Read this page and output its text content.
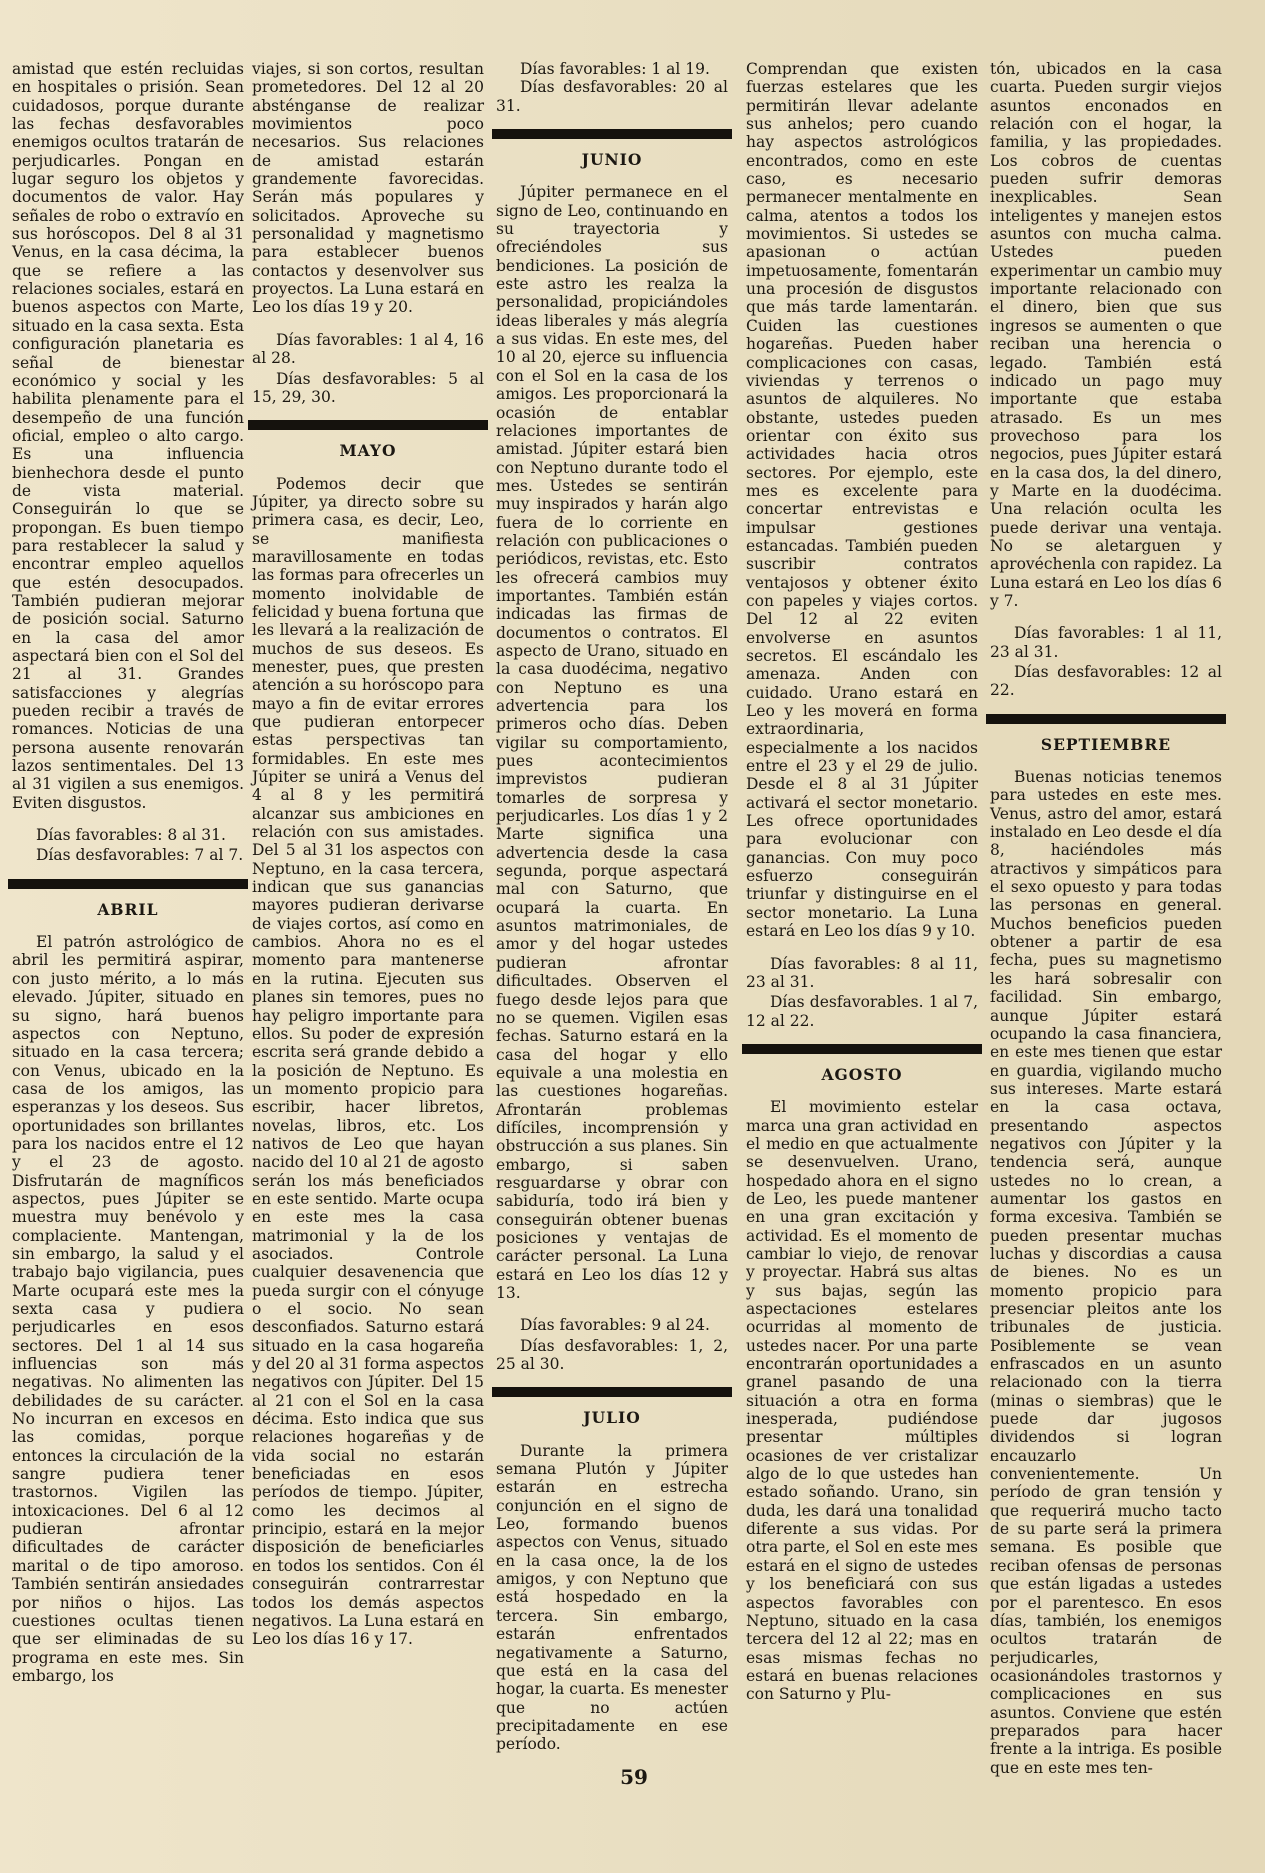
amistad que estén recluidas en hospitales o prisión. Sean cuidadosos, porque durante las fechas desfavorables enemigos ocultos tratarán de perjudicarles. Pongan en lugar seguro los objetos y documentos de valor. Hay señales de robo o extravío en sus horóscopos. Del 8 al 31 Venus, en la casa décima, la que se refiere a las relaciones sociales, estará en buenos aspectos con Marte, situado en la casa sexta. Esta configuración planetaria es señal de bienestar económico y social y les habilita plenamente para el desempeño de una función oficial, empleo o alto cargo. Es una influencia bienhechora desde el punto de vista material. Conseguirán lo que se propongan. Es buen tiempo para restablecer la salud y encontrar empleo aquellos que estén desocupados. También pudieran mejorar de posición social. Saturno en la casa del amor aspectará bien con el Sol del 21 al 31. Grandes satisfacciones y alegrías pueden recibir a través de romances. Noticias de una persona ausente renovarán lazos sentimentales. Del 13 al 31 vigilen a sus enemigos. Eviten disgustos.

Días favorables: 8 al 31.

Días desfavorables: 7 al 7.

ABRIL

El patrón astrológico de abril les permitirá aspirar, con justo mérito, a lo más elevado. Júpiter, situado en su signo, hará buenos aspectos con Neptuno, situado en la casa tercera; con Venus, ubicado en la casa de los amigos, las esperanzas y los deseos. Sus oportunidades son brillantes para los nacidos entre el 12 y el 23 de agosto. Disfrutarán de magníficos aspectos, pues Júpiter se muestra muy benévolo y complaciente. Mantengan, sin embargo, la salud y el trabajo bajo vigilancia, pues Marte ocupará este mes la sexta casa y pudiera perjudicarles en esos sectores. Del 1 al 14 sus influencias son más negativas. No alimenten las debilidades de su carácter. No incurran en excesos en las comidas, porque entonces la circulación de la sangre pudiera tener trastornos. Vigilen las intoxicaciones. Del 6 al 12 pudieran afrontar dificultades de carácter marital o de tipo amoroso. También sentirán ansiedades por niños o hijos. Las cuestiones ocultas tienen que ser eliminadas de su programa en este mes. Sin embargo, los

viajes, si son cortos, resultan prometedores. Del 12 al 20 absténganse de realizar movimientos poco necesarios. Sus relaciones de amistad estarán grandemente favorecidas. Serán más populares y solicitados. Aproveche su personalidad y magnetismo para establecer buenos contactos y desenvolver sus proyectos. La Luna estará en Leo los días 19 y 20.

Días favorables: 1 al 4, 16 al 28.

Días desfavorables: 5 al 15, 29, 30.

MAYO

Podemos decir que Júpiter, ya directo sobre su primera casa, es decir, Leo, se manifiesta maravillosamente en todas las formas para ofrecerles un momento inolvidable de felicidad y buena fortuna que les llevará a la realización de muchos de sus deseos. Es menester, pues, que presten atención a su horóscopo para mayo a fin de evitar errores que pudieran entorpecer estas perspectivas tan formidables. En este mes Júpiter se unirá a Venus del 4 al 8 y les permitirá alcanzar sus ambiciones en relación con sus amistades. Del 5 al 31 los aspectos con Neptuno, en la casa tercera, indican que sus ganancias mayores pudieran derivarse de viajes cortos, así como en cambios. Ahora no es el momento para mantenerse en la rutina. Ejecuten sus planes sin temores, pues no hay peligro importante para ellos. Su poder de expresión escrita será grande debido a la posición de Neptuno. Es un momento propicio para escribir, hacer libretos, novelas, libros, etc. Los nativos de Leo que hayan nacido del 10 al 21 de agosto serán los más beneficiados en este sentido. Marte ocupa en este mes la casa matrimonial y la de los asociados. Controle cualquier desavenencia que pueda surgir con el cónyuge o el socio. No sean desconfiados. Saturno estará situado en la casa hogareña y del 20 al 31 forma aspectos negativos con Júpiter. Del 15 al 21 con el Sol en la casa décima. Esto indica que sus relaciones hogareñas y de vida social no estarán beneficiadas en esos períodos de tiempo. Júpiter, como les decimos al principio, estará en la mejor disposición de beneficiarles en todos los sentidos. Con él conseguirán contrarrestar todos los demás aspectos negativos. La Luna estará en Leo los días 16 y 17.

Días favorables: 1 al 19.

Días desfavorables: 20 al 31.

JUNIO

Júpiter permanece en el signo de Leo, continuando en su trayectoria y ofreciéndoles sus bendiciones. La posición de este astro les realza la personalidad, propiciándoles ideas liberales y más alegría a sus vidas. En este mes, del 10 al 20, ejerce su influencia con el Sol en la casa de los amigos. Les proporcionará la ocasión de entablar relaciones importantes de amistad. Júpiter estará bien con Neptuno durante todo el mes. Ustedes se sentirán muy inspirados y harán algo fuera de lo corriente en relación con publicaciones o periódicos, revistas, etc. Esto les ofrecerá cambios muy importantes. También están indicadas las firmas de documentos o contratos. El aspecto de Urano, situado en la casa duodécima, negativo con Neptuno es una advertencia para los primeros ocho días. Deben vigilar su comportamiento, pues acontecimientos imprevistos pudieran tomarles de sorpresa y perjudicarles. Los días 1 y 2 Marte significa una advertencia desde la casa segunda, porque aspectará mal con Saturno, que ocupará la cuarta. En asuntos matrimoniales, de amor y del hogar ustedes pudieran afrontar dificultades. Observen el fuego desde lejos para que no se quemen. Vigilen esas fechas. Saturno estará en la casa del hogar y ello equivale a una molestia en las cuestiones hogareñas. Afrontarán problemas difíciles, incomprensión y obstrucción a sus planes. Sin embargo, si saben resguardarse y obrar con sabiduría, todo irá bien y conseguirán obtener buenas posiciones y ventajas de carácter personal. La Luna estará en Leo los días 12 y 13.

Días favorables: 9 al 24.

Días desfavorables: 1, 2, 25 al 30.

JULIO

Durante la primera semana Plutón y Júpiter estarán en estrecha conjunción en el signo de Leo, formando buenos aspectos con Venus, situado en la casa once, la de los amigos, y con Neptuno que está hospedado en la tercera. Sin embargo, estarán enfrentados negativamente a Saturno, que está en la casa del hogar, la cuarta. Es menester que no actúen precipitadamente en ese período.

Comprendan que existen fuerzas estelares que les permitirán llevar adelante sus anhelos; pero cuando hay aspectos astrológicos encontrados, como en este caso, es necesario permanecer mentalmente en calma, atentos a todos los movimientos. Si ustedes se apasionan o actúan impetuosamente, fomentarán una procesión de disgustos que más tarde lamentarán. Cuiden las cuestiones hogareñas. Pueden haber complicaciones con casas, viviendas y terrenos o asuntos de alquileres. No obstante, ustedes pueden orientar con éxito sus actividades hacia otros sectores. Por ejemplo, este mes es excelente para concertar entrevistas e impulsar gestiones estancadas. También pueden suscribir contratos ventajosos y obtener éxito con papeles y viajes cortos. Del 12 al 22 eviten envolverse en asuntos secretos. El escándalo les amenaza. Anden con cuidado. Urano estará en Leo y les moverá en forma extraordinaria, especialmente a los nacidos entre el 23 y el 29 de julio. Desde el 8 al 31 Júpiter activará el sector monetario. Les ofrece oportunidades para evolucionar con ganancias. Con muy poco esfuerzo conseguirán triunfar y distinguirse en el sector monetario. La Luna estará en Leo los días 9 y 10.

Días favorables: 8 al 11, 23 al 31.

Días desfavorables. 1 al 7, 12 al 22.

AGOSTO

El movimiento estelar marca una gran actividad en el medio en que actualmente se desenvuelven. Urano, hospedado ahora en el signo de Leo, les puede mantener en una gran excitación y actividad. Es el momento de cambiar lo viejo, de renovar y proyectar. Habrá sus altas y sus bajas, según las aspectaciones estelares ocurridas al momento de ustedes nacer. Por una parte encontrarán oportunidades a granel pasando de una situación a otra en forma inesperada, pudiéndose presentar múltiples ocasiones de ver cristalizar algo de lo que ustedes han estado soñando. Urano, sin duda, les dará una tonalidad diferente a sus vidas. Por otra parte, el Sol en este mes estará en el signo de ustedes y los beneficiará con sus aspectos favorables con Neptuno, situado en la casa tercera del 12 al 22; mas en esas mismas fechas no estará en buenas relaciones con Saturno y Plu-

tón, ubicados en la casa cuarta. Pueden surgir viejos asuntos enconados en relación con el hogar, la familia, y las propiedades. Los cobros de cuentas pueden sufrir demoras inexplicables. Sean inteligentes y manejen estos asuntos con mucha calma. Ustedes pueden experimentar un cambio muy importante relacionado con el dinero, bien que sus ingresos se aumenten o que reciban una herencia o legado. También está indicado un pago muy importante que estaba atrasado. Es un mes provechoso para los negocios, pues Júpiter estará en la casa dos, la del dinero, y Marte en la duodécima. Una relación oculta les puede derivar una ventaja. No se aletarguen y aprovéchenla con rapidez. La Luna estará en Leo los días 6 y 7.

Días favorables: 1 al 11, 23 al 31.

Días desfavorables: 12 al 22.

SEPTIEMBRE

Buenas noticias tenemos para ustedes en este mes. Venus, astro del amor, estará instalado en Leo desde el día 8, haciéndoles más atractivos y simpáticos para el sexo opuesto y para todas las personas en general. Muchos beneficios pueden obtener a partir de esa fecha, pues su magnetismo les hará sobresalir con facilidad. Sin embargo, aunque Júpiter estará ocupando la casa financiera, en este mes tienen que estar en guardia, vigilando mucho sus intereses. Marte estará en la casa octava, presentando aspectos negativos con Júpiter y la tendencia será, aunque ustedes no lo crean, a aumentar los gastos en forma excesiva. También se pueden presentar muchas luchas y discordias a causa de bienes. No es un momento propicio para presenciar pleitos ante los tribunales de justicia. Posiblemente se vean enfrascados en un asunto relacionado con la tierra (minas o siembras) que le puede dar jugosos dividendos si logran encauzarlo convenientemente. Un período de gran tensión y que requerirá mucho tacto de su parte será la primera semana. Es posible que reciban ofensas de personas que están ligadas a ustedes por el parentesco. En esos días, también, los enemigos ocultos tratarán de perjudicarles, ocasionándoles trastornos y complicaciones en sus asuntos. Conviene que estén preparados para hacer frente a la intriga. Es posible que en este mes ten-

59
